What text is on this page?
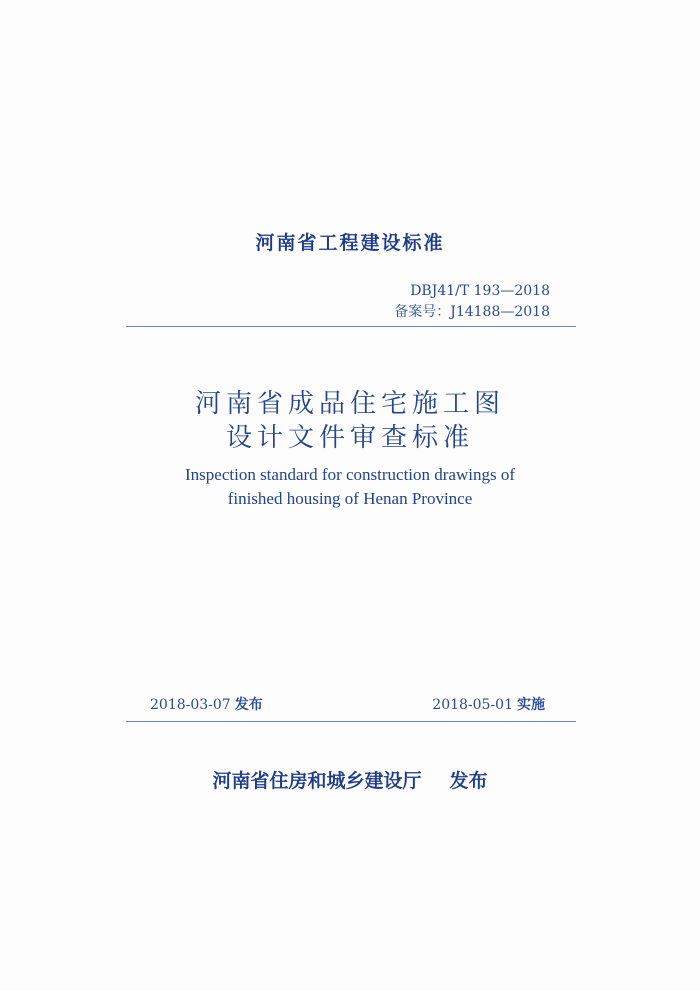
河南省工程建设标准
DBJ41/T 193—2018
备案号：J14188—2018
河南省成品住宅施工图
设计文件审查标准
Inspection standard for construction drawings of
finished housing of Henan Province
2018-03-07 发布	2018-05-01 实施
河南省住房和城乡建设厅 发布
